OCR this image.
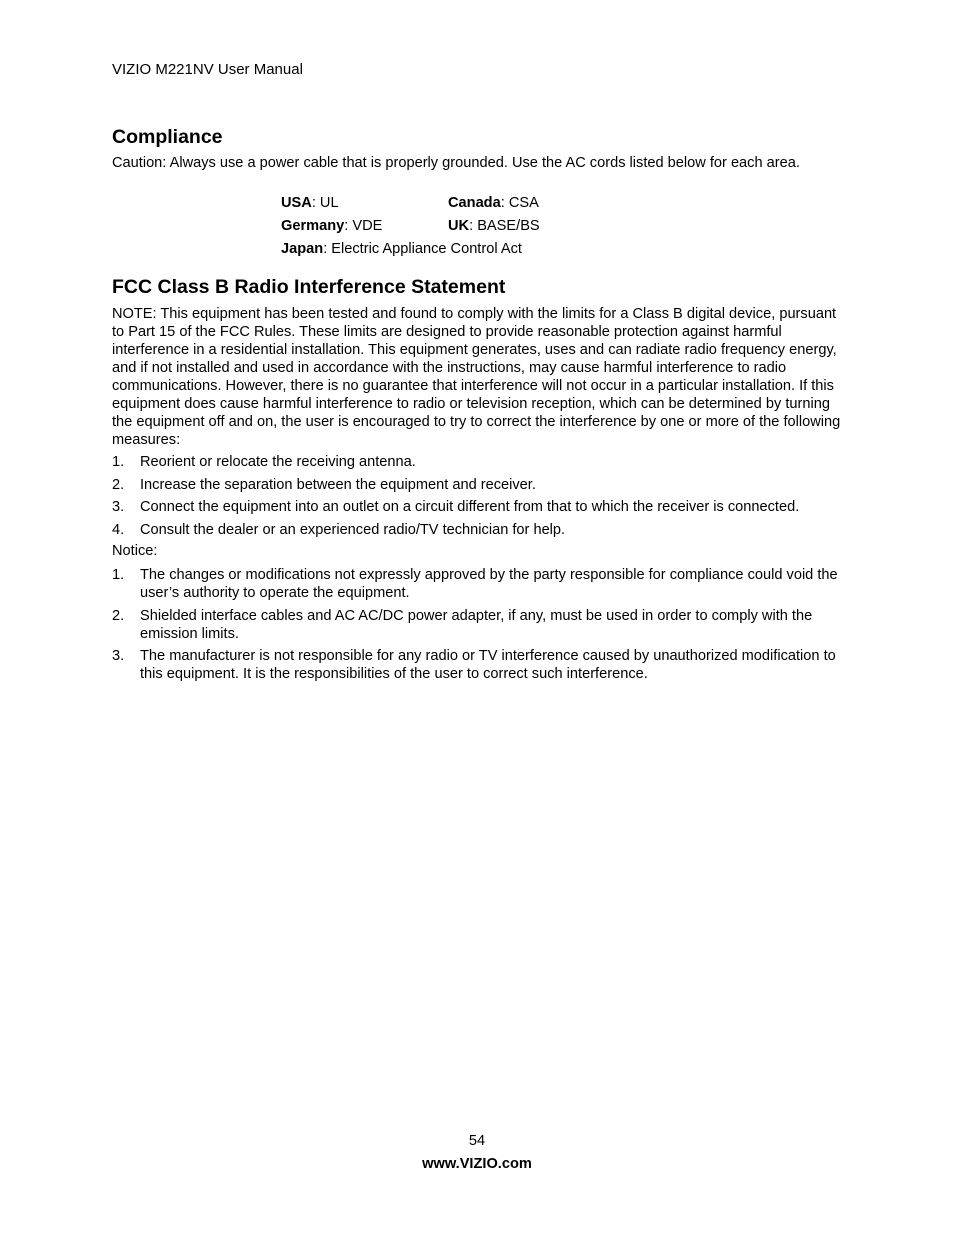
VIZIO M221NV User Manual
Compliance
Caution: Always use a power cable that is properly grounded. Use the AC cords listed below for each area.
USA: UL	Canada: CSA
Germany: VDE	UK: BASE/BS
Japan: Electric Appliance Control Act
FCC Class B Radio Interference Statement
NOTE: This equipment has been tested and found to comply with the limits for a Class B digital device, pursuant to Part 15 of the FCC Rules. These limits are designed to provide reasonable protection against harmful interference in a residential installation. This equipment generates, uses and can radiate radio frequency energy, and if not installed and used in accordance with the instructions, may cause harmful interference to radio communications. However, there is no guarantee that interference will not occur in a particular installation. If this equipment does cause harmful interference to radio or television reception, which can be determined by turning the equipment off and on, the user is encouraged to try to correct the interference by one or more of the following measures:
1.	Reorient or relocate the receiving antenna.
2.	Increase the separation between the equipment and receiver.
3.	Connect the equipment into an outlet on a circuit different from that to which the receiver is connected.
4.	Consult the dealer or an experienced radio/TV technician for help.
Notice:
1.	The changes or modifications not expressly approved by the party responsible for compliance could void the user’s authority to operate the equipment.
2.	Shielded interface cables and AC AC/DC power adapter, if any, must be used in order to comply with the emission limits.
3.	The manufacturer is not responsible for any radio or TV interference caused by unauthorized modification to this equipment. It is the responsibilities of the user to correct such interference.
54
www.VIZIO.com
